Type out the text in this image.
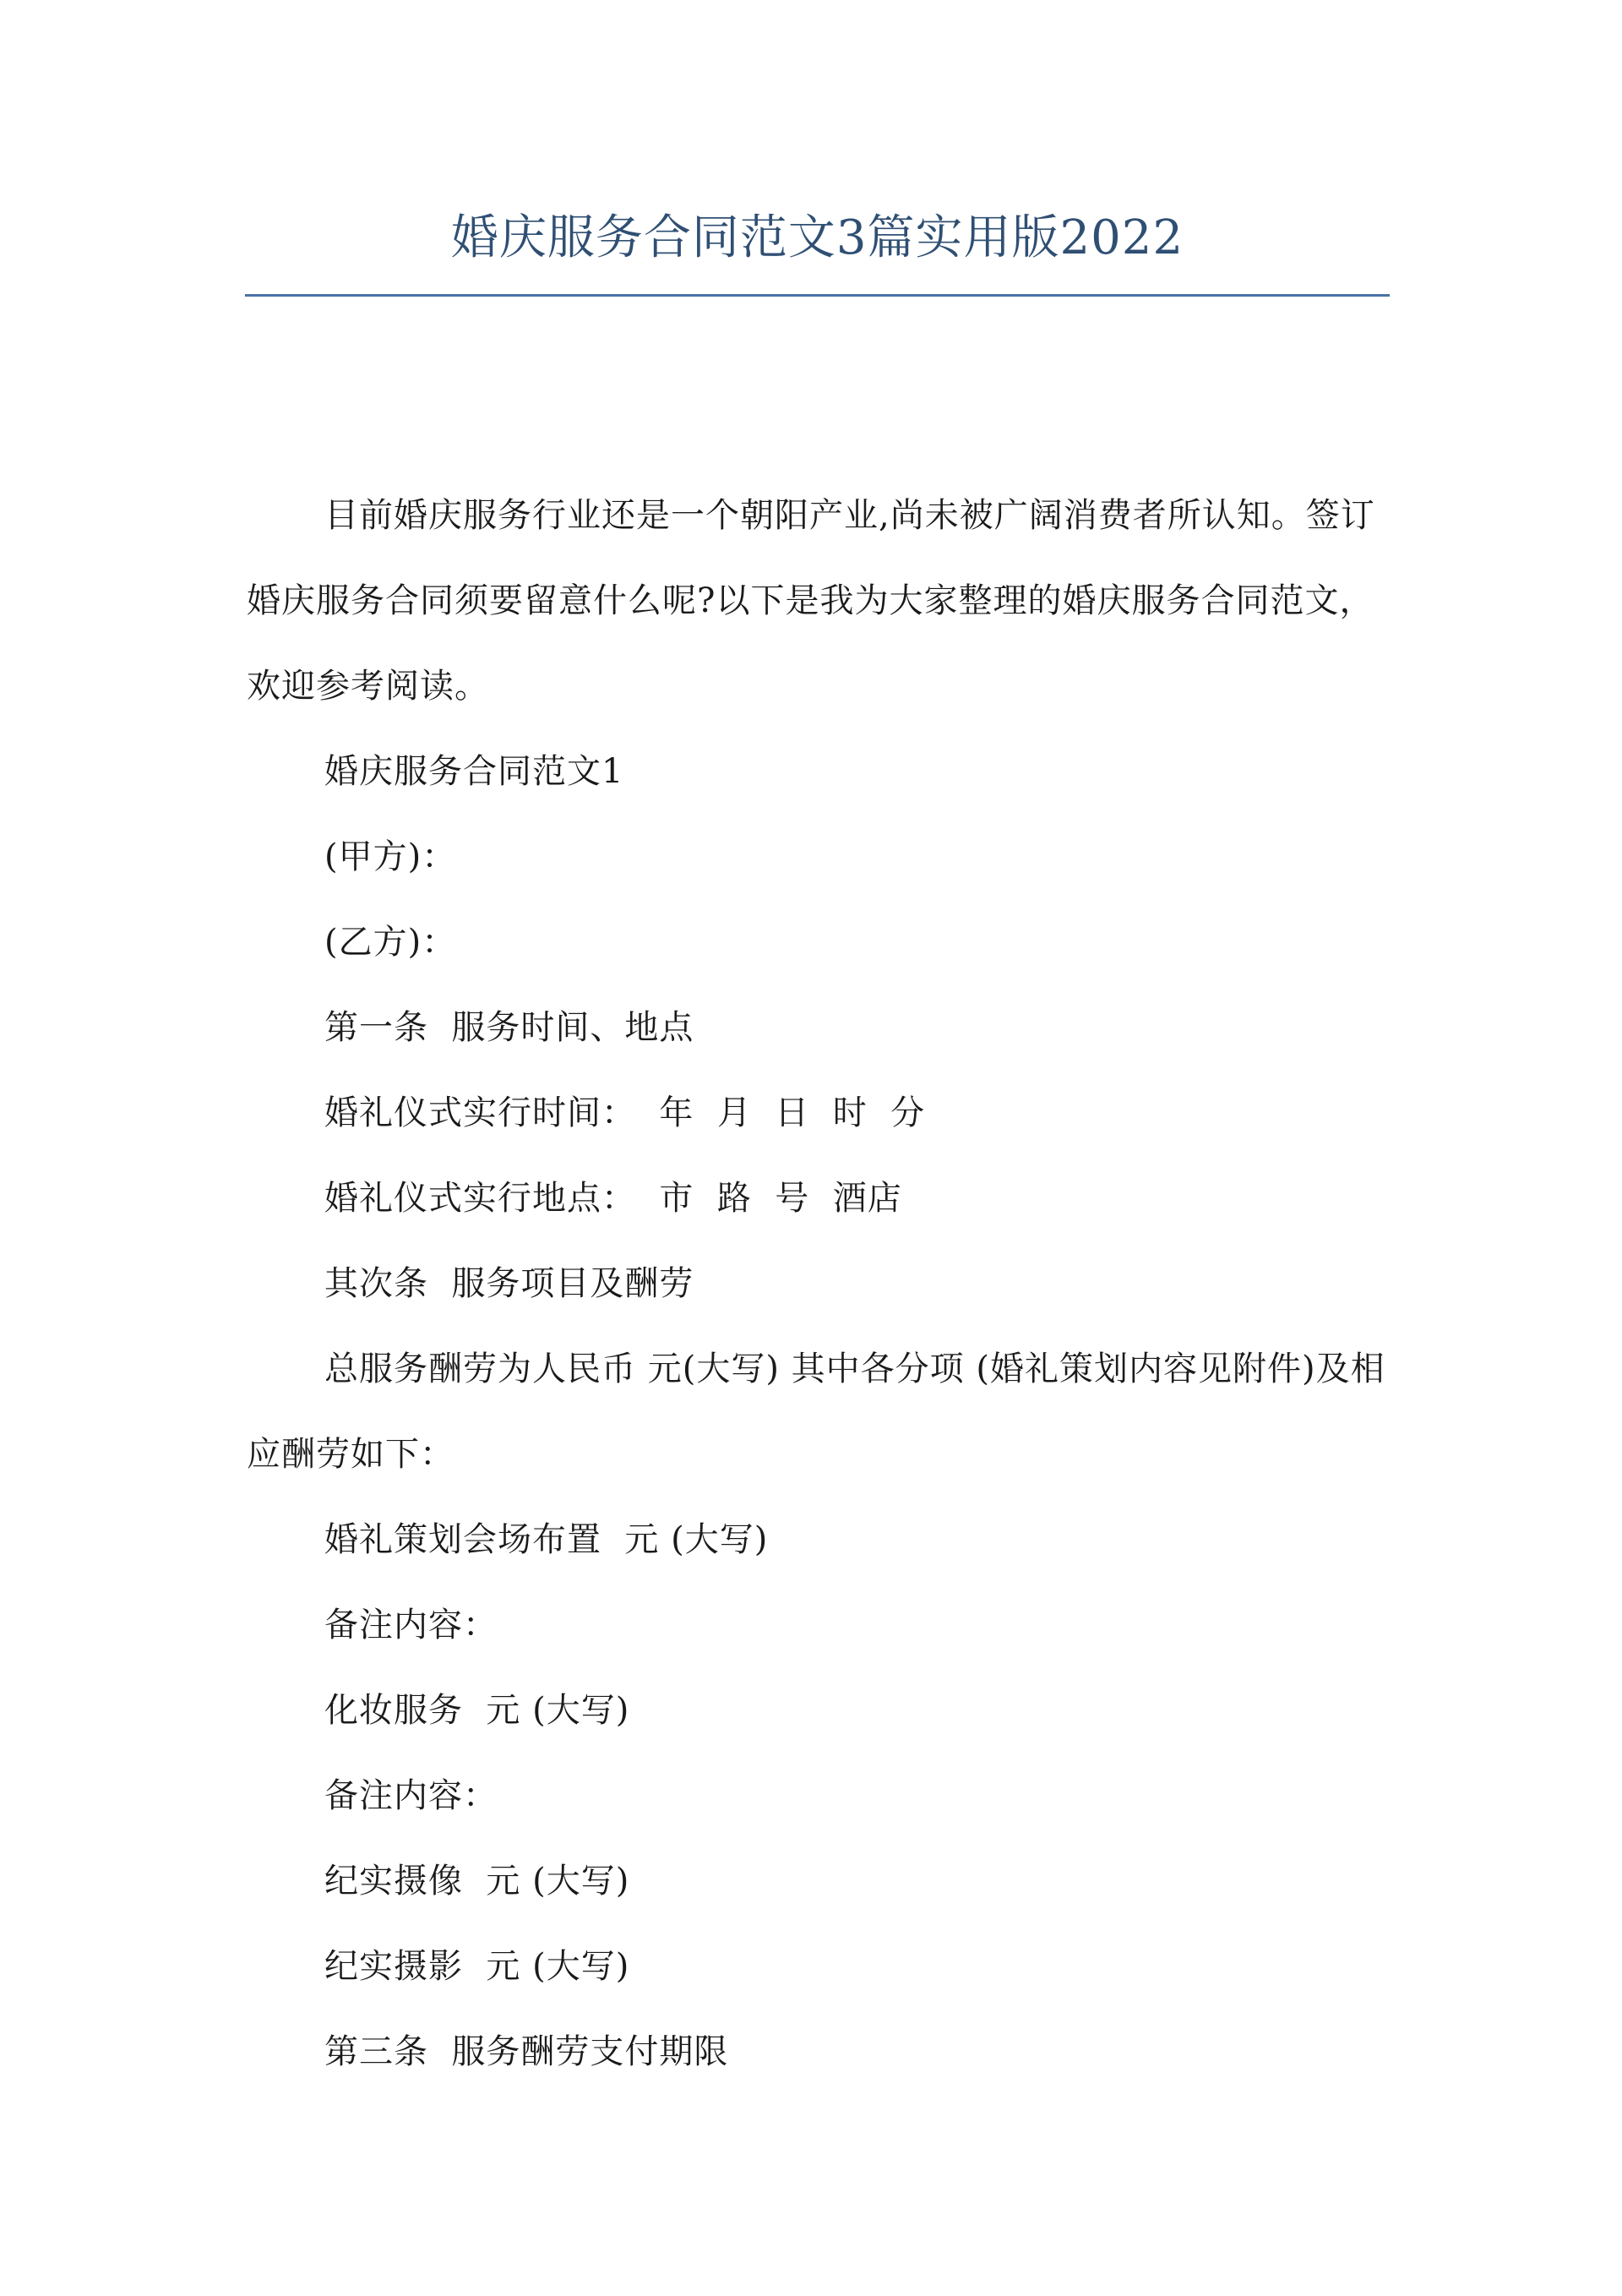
婚庆服务合同范文3篇实用版2022

目前婚庆服务行业还是一个朝阳产业,尚未被广阔消费者所认知。签订婚庆服务合同须要留意什么呢?以下是我为大家整理的婚庆服务合同范文，欢迎参考阅读。

婚庆服务合同范文1

(甲方)：

(乙方)：

第一条  服务时间、地点

婚礼仪式实行时间：  年  月  日  时  分

婚礼仪式实行地点：  市  路  号  酒店

其次条  服务项目及酬劳

总服务酬劳为人民币 元(大写) 其中各分项 (婚礼策划内容见附件)及相应酬劳如下：

婚礼策划会场布置  元 (大写)

备注内容：

化妆服务  元 (大写)

备注内容：

纪实摄像  元 (大写)

纪实摄影  元 (大写)

第三条  服务酬劳支付期限
